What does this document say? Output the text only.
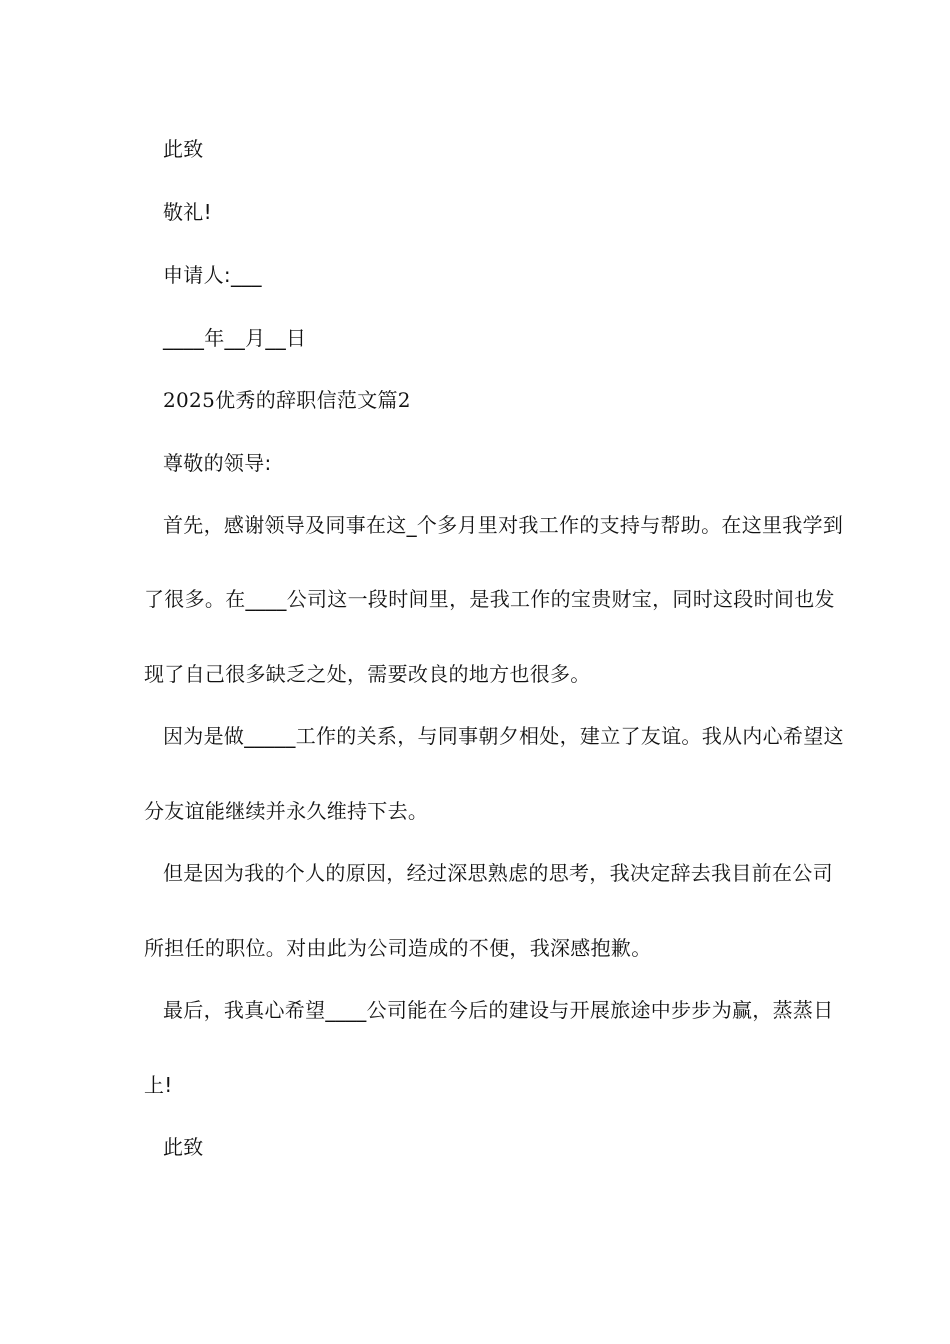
此致
敬礼!
申请人:___
____年__月__日
2025优秀的辞职信范文篇2
尊敬的领导:
首先，感谢领导及同事在这_个多月里对我工作的支持与帮助。在这里我学到
了很多。在____公司这一段时间里，是我工作的宝贵财宝，同时这段时间也发
现了自己很多缺乏之处，需要改良的地方也很多。
因为是做_____工作的关系，与同事朝夕相处，建立了友谊。我从内心希望这
分友谊能继续并永久维持下去。
但是因为我的个人的原因，经过深思熟虑的思考，我决定辞去我目前在公司
所担任的职位。对由此为公司造成的不便，我深感抱歉。
最后，我真心希望____公司能在今后的建设与开展旅途中步步为赢，蒸蒸日
上!
此致
